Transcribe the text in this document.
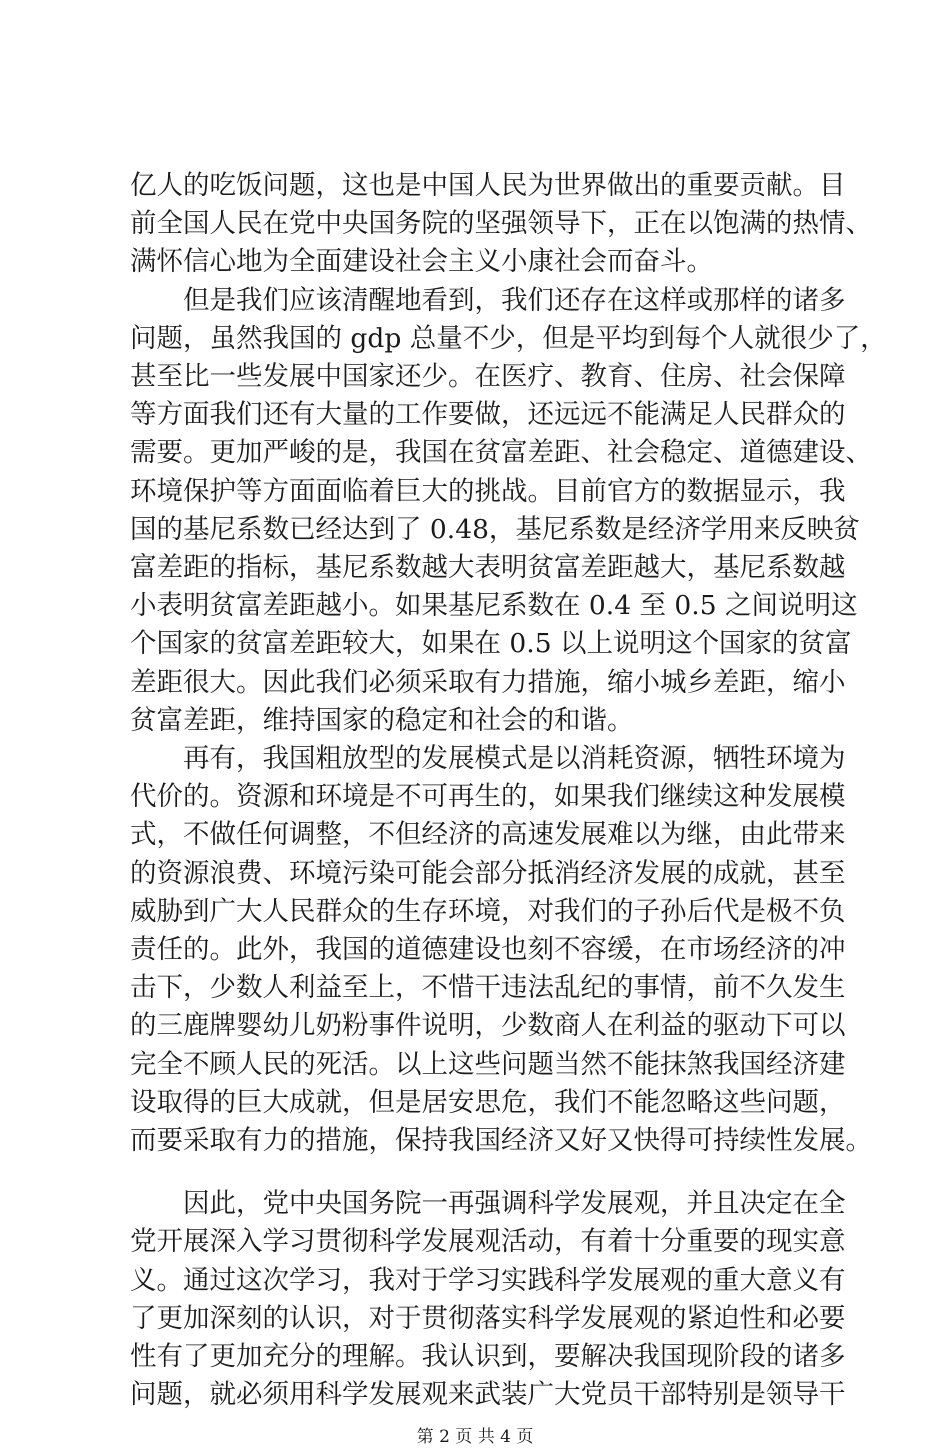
亿人的吃饭问题，这也是中国人民为世界做出的重要贡献。目
前全国人民在党中央国务院的坚强领导下，正在以饱满的热情、
满怀信心地为全面建设社会主义小康社会而奋斗。
但是我们应该清醒地看到，我们还存在这样或那样的诸多
问题，虽然我国的 gdp 总量不少，但是平均到每个人就很少了，
甚至比一些发展中国家还少。在医疗、教育、住房、社会保障
等方面我们还有大量的工作要做，还远远不能满足人民群众的
需要。更加严峻的是，我国在贫富差距、社会稳定、道德建设、
环境保护等方面面临着巨大的挑战。目前官方的数据显示，我
国的基尼系数已经达到了 0.48，基尼系数是经济学用来反映贫
富差距的指标，基尼系数越大表明贫富差距越大，基尼系数越
小表明贫富差距越小。如果基尼系数在 0.4 至 0.5 之间说明这
个国家的贫富差距较大，如果在 0.5 以上说明这个国家的贫富
差距很大。因此我们必须采取有力措施，缩小城乡差距，缩小
贫富差距，维持国家的稳定和社会的和谐。
再有，我国粗放型的发展模式是以消耗资源，牺牲环境为
代价的。资源和环境是不可再生的，如果我们继续这种发展模
式，不做任何调整，不但经济的高速发展难以为继，由此带来
的资源浪费、环境污染可能会部分抵消经济发展的成就，甚至
威胁到广大人民群众的生存环境，对我们的子孙后代是极不负
责任的。此外，我国的道德建设也刻不容缓，在市场经济的冲
击下，少数人利益至上，不惜干违法乱纪的事情，前不久发生
的三鹿牌婴幼儿奶粉事件说明，少数商人在利益的驱动下可以
完全不顾人民的死活。以上这些问题当然不能抹煞我国经济建
设取得的巨大成就，但是居安思危，我们不能忽略这些问题，
而要采取有力的措施，保持我国经济又好又快得可持续性发展。
因此，党中央国务院一再强调科学发展观，并且决定在全
党开展深入学习贯彻科学发展观活动，有着十分重要的现实意
义。通过这次学习，我对于学习实践科学发展观的重大意义有
了更加深刻的认识，对于贯彻落实科学发展观的紧迫性和必要
性有了更加充分的理解。我认识到，要解决我国现阶段的诸多
问题，就必须用科学发展观来武装广大党员干部特别是领导干
第 2 页 共 4 页
